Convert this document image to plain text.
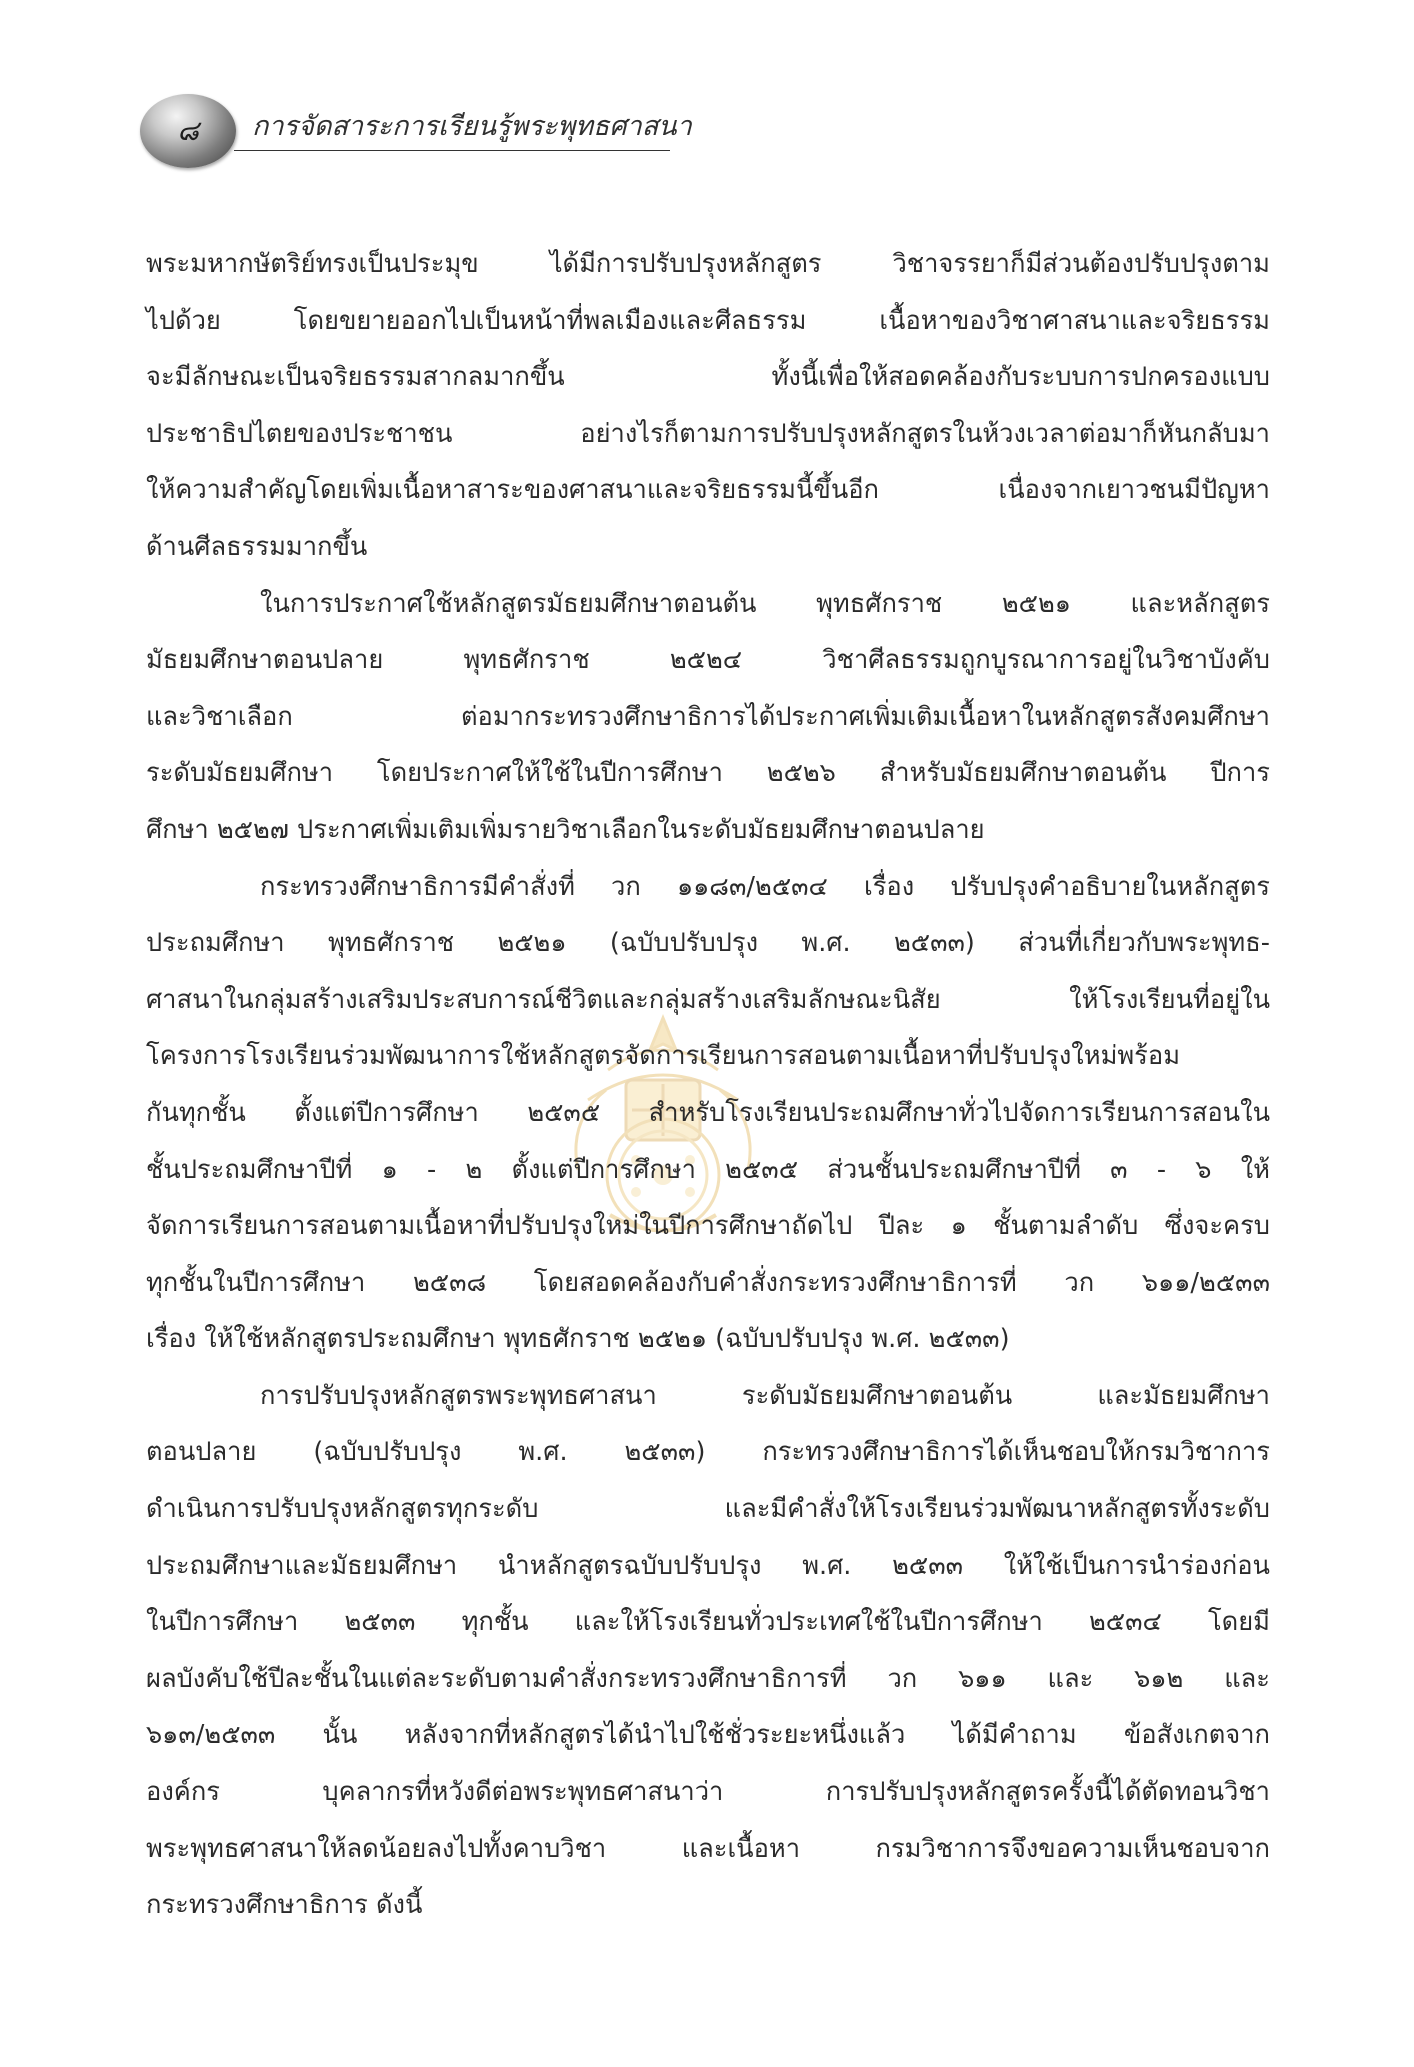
๘ การจัดสาระการเรียนรู้พระพุทธศาสนา
พระมหากษัตริย์ทรงเป็นประมุข ได้มีการปรับปรุงหลักสูตร วิชาจรรยาก็มีส่วนต้องปรับปรุงตาม
ไปด้วย โดยขยายออกไปเป็นหน้าที่พลเมืองและศีลธรรม เนื้อหาของวิชาศาสนาและจริยธรรม
จะมีลักษณะเป็นจริยธรรมสากลมากขึ้น ทั้งนี้เพื่อให้สอดคล้องกับระบบการปกครองแบบ
ประชาธิปไตยของประชาชน อย่างไรก็ตามการปรับปรุงหลักสูตรในห้วงเวลาต่อมาก็หันกลับมา
ให้ความสำคัญโดยเพิ่มเนื้อหาสาระของศาสนาและจริยธรรมนี้ขึ้นอีก เนื่องจากเยาวชนมีปัญหา
ด้านศีลธรรมมากขึ้น
ในการประกาศใช้หลักสูตรมัธยมศึกษาตอนต้น พุทธศักราช ๒๕๒๑ และหลักสูตร
มัธยมศึกษาตอนปลาย พุทธศักราช ๒๕๒๔ วิชาศีลธรรมถูกบูรณาการอยู่ในวิชาบังคับ
และวิชาเลือก ต่อมากระทรวงศึกษาธิการได้ประกาศเพิ่มเติมเนื้อหาในหลักสูตรสังคมศึกษา
ระดับมัธยมศึกษา โดยประกาศให้ใช้ในปีการศึกษา ๒๕๒๖ สำหรับมัธยมศึกษาตอนต้น ปีการ
ศึกษา ๒๕๒๗ ประกาศเพิ่มเติมเพิ่มรายวิชาเลือกในระดับมัธยมศึกษาตอนปลาย
กระทรวงศึกษาธิการมีคำสั่งที่ วก ๑๑๘๓/๒๕๓๔ เรื่อง ปรับปรุงคำอธิบายในหลักสูตร
ประถมศึกษา พุทธศักราช ๒๕๒๑ (ฉบับปรับปรุง พ.ศ. ๒๕๓๓) ส่วนที่เกี่ยวกับพระพุทธ-
ศาสนาในกลุ่มสร้างเสริมประสบการณ์ชีวิตและกลุ่มสร้างเสริมลักษณะนิสัย ให้โรงเรียนที่อยู่ใน
โครงการโรงเรียนร่วมพัฒนาการใช้หลักสูตรจัดการเรียนการสอนตามเนื้อหาที่ปรับปรุงใหม่พร้อม
กันทุกชั้น ตั้งแต่ปีการศึกษา ๒๕๓๕ สำหรับโรงเรียนประถมศึกษาทั่วไปจัดการเรียนการสอนใน
ชั้นประถมศึกษาปีที่ ๑ - ๒ ตั้งแต่ปีการศึกษา ๒๕๓๕ ส่วนชั้นประถมศึกษาปีที่ ๓ - ๖ ให้
จัดการเรียนการสอนตามเนื้อหาที่ปรับปรุงใหม่ในปีการศึกษาถัดไป ปีละ ๑ ชั้นตามลำดับ ซึ่งจะครบ
ทุกชั้นในปีการศึกษา ๒๕๓๘ โดยสอดคล้องกับคำสั่งกระทรวงศึกษาธิการที่ วก ๖๑๑/๒๕๓๓
เรื่อง ให้ใช้หลักสูตรประถมศึกษา พุทธศักราช ๒๕๒๑ (ฉบับปรับปรุง พ.ศ. ๒๕๓๓)
การปรับปรุงหลักสูตรพระพุทธศาสนา ระดับมัธยมศึกษาตอนต้น และมัธยมศึกษา
ตอนปลาย (ฉบับปรับปรุง พ.ศ. ๒๕๓๓) กระทรวงศึกษาธิการได้เห็นชอบให้กรมวิชาการ
ดำเนินการปรับปรุงหลักสูตรทุกระดับ และมีคำสั่งให้โรงเรียนร่วมพัฒนาหลักสูตรทั้งระดับ
ประถมศึกษาและมัธยมศึกษา นำหลักสูตรฉบับปรับปรุง พ.ศ. ๒๕๓๓ ให้ใช้เป็นการนำร่องก่อน
ในปีการศึกษา ๒๕๓๓ ทุกชั้น และให้โรงเรียนทั่วประเทศใช้ในปีการศึกษา ๒๕๓๔ โดยมี
ผลบังคับใช้ปีละชั้นในแต่ละระดับตามคำสั่งกระทรวงศึกษาธิการที่ วก ๖๑๑ และ ๖๑๒ และ
๖๑๓/๒๕๓๓ นั้น หลังจากที่หลักสูตรได้นำไปใช้ชั่วระยะหนึ่งแล้ว ได้มีคำถาม ข้อสังเกตจาก
องค์กร บุคลากรที่หวังดีต่อพระพุทธศาสนาว่า การปรับปรุงหลักสูตรครั้งนี้ได้ตัดทอนวิชา
พระพุทธศาสนาให้ลดน้อยลงไปทั้งคาบวิชา และเนื้อหา กรมวิชาการจึงขอความเห็นชอบจาก
กระทรวงศึกษาธิการ ดังนี้
